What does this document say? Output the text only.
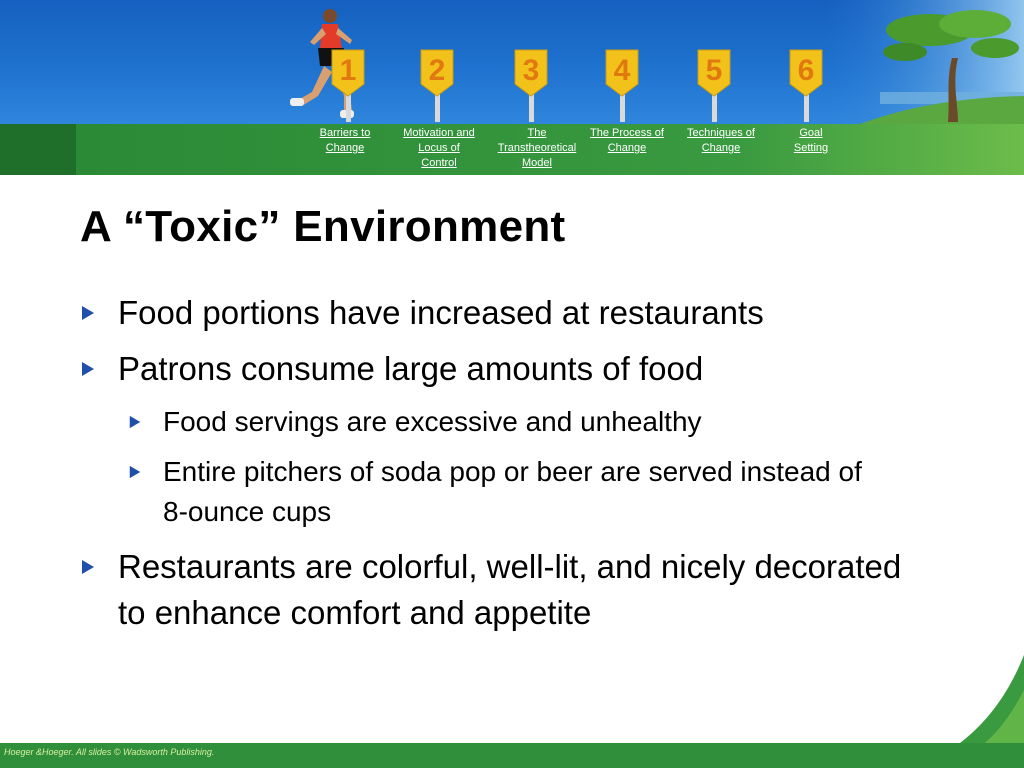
1 2	3 4	5	6
Barriers to
Change
Motivation and
Locus of
Control
The
Transtheoretical
Model
The Process of
Change
Techniques of
Change
Goal
Setting
A “Toxic” Environment
Food portions have increased at restaurants
Patrons consume large amounts of food
Food servings are excessive and unhealthy
Entire pitchers of soda pop or beer are served instead of 8-ounce cups
Restaurants are colorful, well-lit, and nicely decorated to enhance comfort and appetite
Hoeger &Hoeger. All slides © Wadsworth Publishing.
